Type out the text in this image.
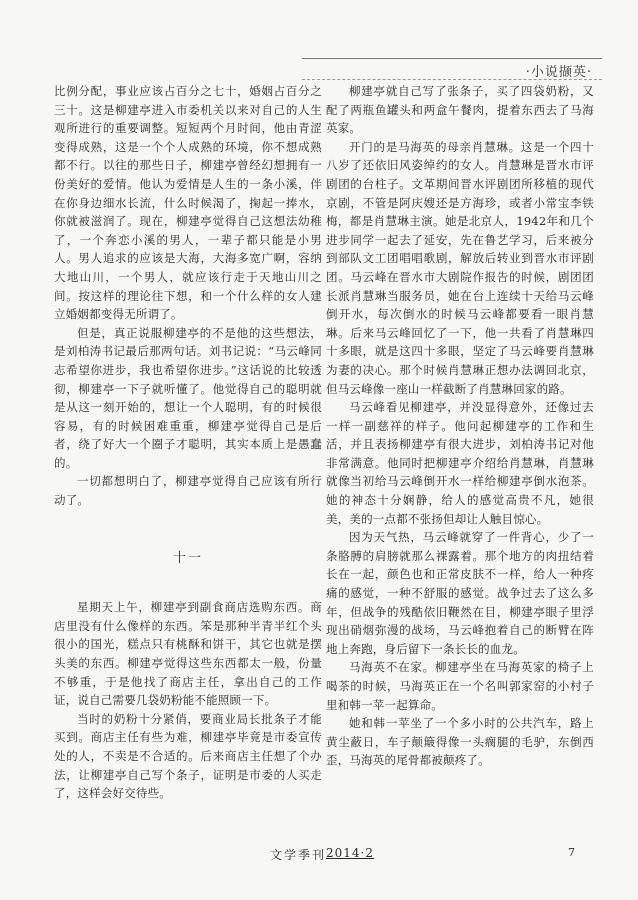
·小说撷英·

比例分配，事业应该占百分之七十，婚姻占百分之三十。这是柳建亭进入市委机关以来对自己的人生观所进行的重要调整。短短两个月时间，他由青涩变得成熟，这是一个个人成熟的环境，你不想成熟都不行。以往的那些日子，柳建亭曾经幻想拥有一份美好的爱情。他认为爱情是人生的一条小溪，伴在你身边细水长流，什么时候渴了，掬起一捧水，你就被滋润了。现在，柳建亭觉得自己这想法幼稚了，一个奔恋小溪的男人，一辈子都只能是小男人。男人追求的应该是大海，大海多宽广啊，容纳大地山川，一个男人，就应该行走于天地山川之间。按这样的理论往下想，和一个什么样的女人建立婚姻都变得无所谓了。

但是，真正说服柳建亭的不是他的这些想法，是刘柏涛书记最后那两句话。刘书记说：“马云峰同志希望你进步，我也希望你进步。”这话说的比较透彻，柳建亭一下子就听懂了。他觉得自己的聪明就是从这一刻开始的，想让一个人聪明，有的时候很容易，有的时候困难重重，柳建亭觉得自己是后者，绕了好大一个圈子才聪明，其实本质上是愚蠢的。

一切都想明白了，柳建亭觉得自己应该有所行动了。

十一

星期天上午，柳建亭到副食商店选购东西。商店里没有什么像样的东西。笨是那种半青半红个头很小的国光，糕点只有桃酥和饼干，其它也就是摆头美的东西。柳建亭觉得这些东西都太一般，份量不够重，于是他找了商店主任，拿出自己的工作证，说自己需要几袋奶粉能不能照顾一下。

当时的奶粉十分紧俏，要商业局长批条子才能买到。商店主任有些为难，柳建亭毕竟是市委宣传处的人，不卖是不合适的。后来商店主任想了个办法，让柳建亭自己写个条子，证明是市委的人买走了，这样会好交待些。

柳建亭就自己写了张条子，买了四袋奶粉，又配了两瓶鱼罐头和两盒午餐肉，提着东西去了马海英家。

开门的是马海英的母亲肖慧琳。这是一个四十八岁了还依旧风姿绰约的女人。肖慧琳是晋水市评剧团的台柱子。文革期间晋水评剧团所移植的现代京剧，不管是阿庆嫂还是方海珍，或者小常宝李铁梅，都是肖慧琳主演。她是北京人，1942年和几个进步同学一起去了延安，先在鲁艺学习，后来被分到部队文工团唱唱歌剧，解放后转业到晋水市评剧团。马云峰在晋水市大剧院作报告的时候，剧团团长派肖慧琳当服务员，她在台上连续十天给马云峰倒开水，每次倒水的时候马云峰都要看一眼肖慧琳。后来马云峰回忆了一下，他一共看了肖慧琳四十多眼，就是这四十多眼，坚定了马云峰要肖慧琳为妻的决心。那个时候肖慧琳正想办法调回北京，但马云峰像一座山一样截断了肖慧琳回家的路。

马云峰看见柳建亭，并没显得意外，还像过去一样一副慈祥的样子。他问起柳建亭的工作和生活，并且表扬柳建亭有很大进步，刘柏涛书记对他非常满意。他同时把柳建亭介绍给肖慧琳，肖慧琳就像当初给马云峰倒开水一样给柳建亭倒水泡茶。她的神态十分娴静，给人的感觉高贵不凡，她很美，美的一点都不张扬但却让人触目惊心。

因为天气热，马云峰就穿了一件背心，少了一条胳膊的肩膀就那么裸露着。那个地方的肉扭结着长在一起，颜色也和正常皮肤不一样，给人一种疼痛的感觉，一种不舒服的感觉。战争过去了这么多年，但战争的残酷依旧鞭然在目，柳建亭眼子里浮现出硝烟弥漫的战场，马云峰抱着自己的断臂在阵地上奔跑，身后留下一条长长的血龙。

马海英不在家。柳建亭坐在马海英家的椅子上喝茶的时候，马海英正在一个名叫郭家窑的小村子里和韩一苹一起算命。

她和韩一苹坐了一个多小时的公共汽车，路上黄尘蔽日，车子颠簸得像一头瘸腿的毛驴，东倒西歪，马海英的尾骨都被颠疼了。

文学季刊 2014·2	7
